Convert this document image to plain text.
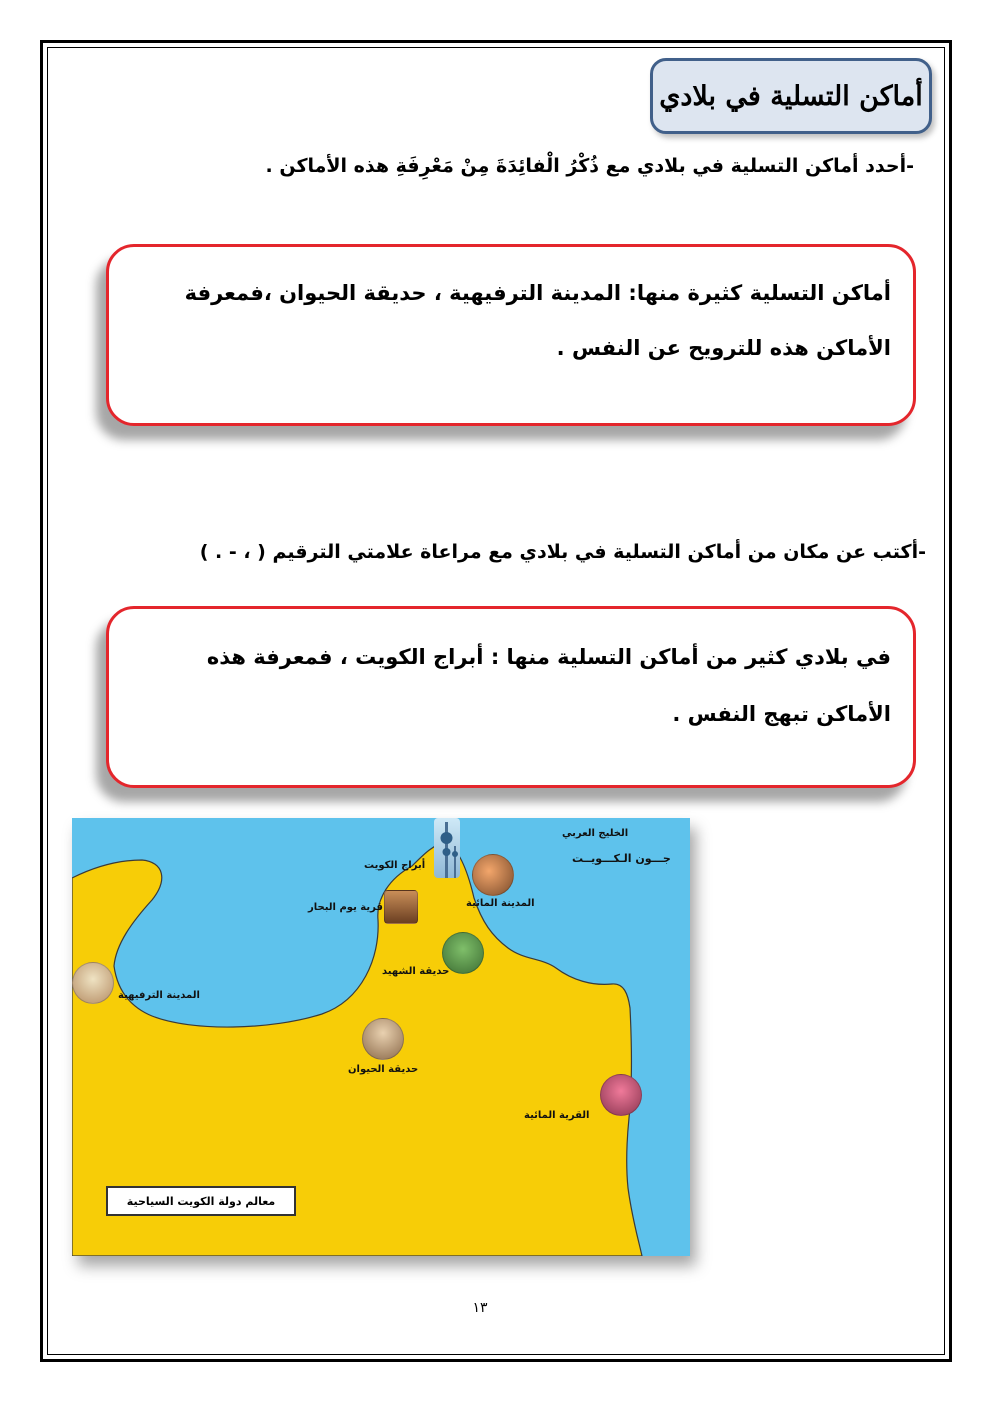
أماكن التسلية في بلادي
-أحدد أماكن التسلية في بلادي مع ذُكْرُ الْفائِدَةَ مِنْ مَعْرِفَةِ هذه الأماكن .
أماكن التسلية كثيرة منها: المدينة الترفيهية ، حديقة الحيوان ،فمعرفة
الأماكن هذه للترويح عن النفس .

-أكتب عن مكان من أماكن التسلية في بلادي مع مراعاة علامتي الترقيم ( ، - . )
في بلادي كثير من أماكن التسلية منها : أبراج الكويت ، فمعرفة هذه
الأماكن تبهج النفس .
الخليج العربي
جـــون الـكـــويــت
أبراج الكويت
المدينة المائية
قرية يوم البحار
حديقة الشهيد
المدينة الترفيهية
حديقة الحيوان
القرية المائية
معالم دولة الكويت السياحية
١٣
